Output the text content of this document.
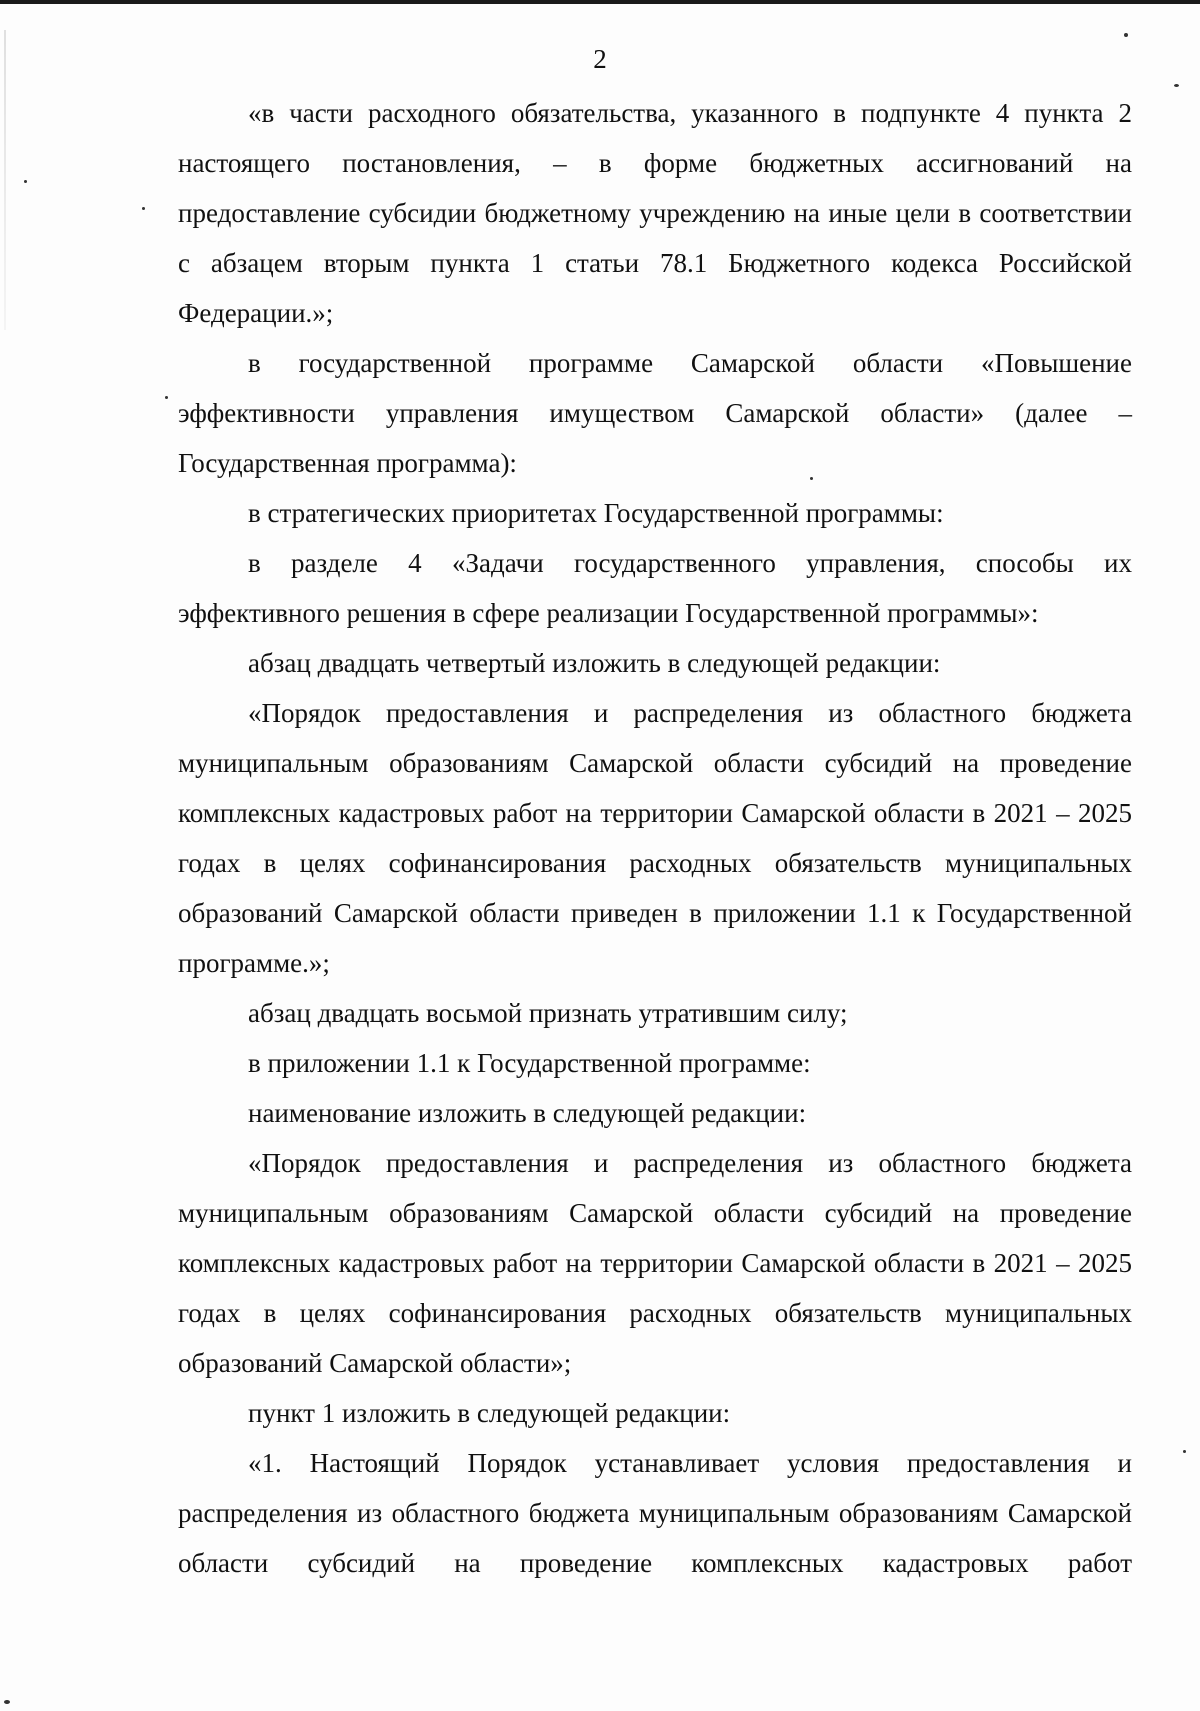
2

«в части расходного обязательства, указанного в подпункте 4 пункта 2 настоящего постановления, – в форме бюджетных ассигнований на предоставление субсидии бюджетному учреждению на иные цели в соответствии с абзацем вторым пункта 1 статьи 78.1 Бюджетного кодекса Российской Федерации.»;

в государственной программе Самарской области «Повышение эффективности управления имуществом Самарской области» (далее – Государственная программа):

в стратегических приоритетах Государственной программы:

в разделе 4 «Задачи государственного управления, способы их эффективного решения в сфере реализации Государственной программы»:

абзац двадцать четвертый изложить в следующей редакции:

«Порядок предоставления и распределения из областного бюджета муниципальным образованиям Самарской области субсидий на проведение комплексных кадастровых работ на территории Самарской области в 2021 – 2025 годах в целях софинансирования расходных обязательств муниципальных образований Самарской области приведен в приложении 1.1 к Государственной программе.»;

абзац двадцать восьмой признать утратившим силу;

в приложении 1.1 к Государственной программе:

наименование изложить в следующей редакции:

«Порядок предоставления и распределения из областного бюджета муниципальным образованиям Самарской области субсидий на проведение комплексных кадастровых работ на территории Самарской области в 2021 – 2025 годах в целях софинансирования расходных обязательств муниципальных образований Самарской области»;

пункт 1 изложить в следующей редакции:

«1. Настоящий Порядок устанавливает условия предоставления и распределения из областного бюджета муниципальным образованиям Самарской области субсидий на проведение комплексных кадастровых работ
